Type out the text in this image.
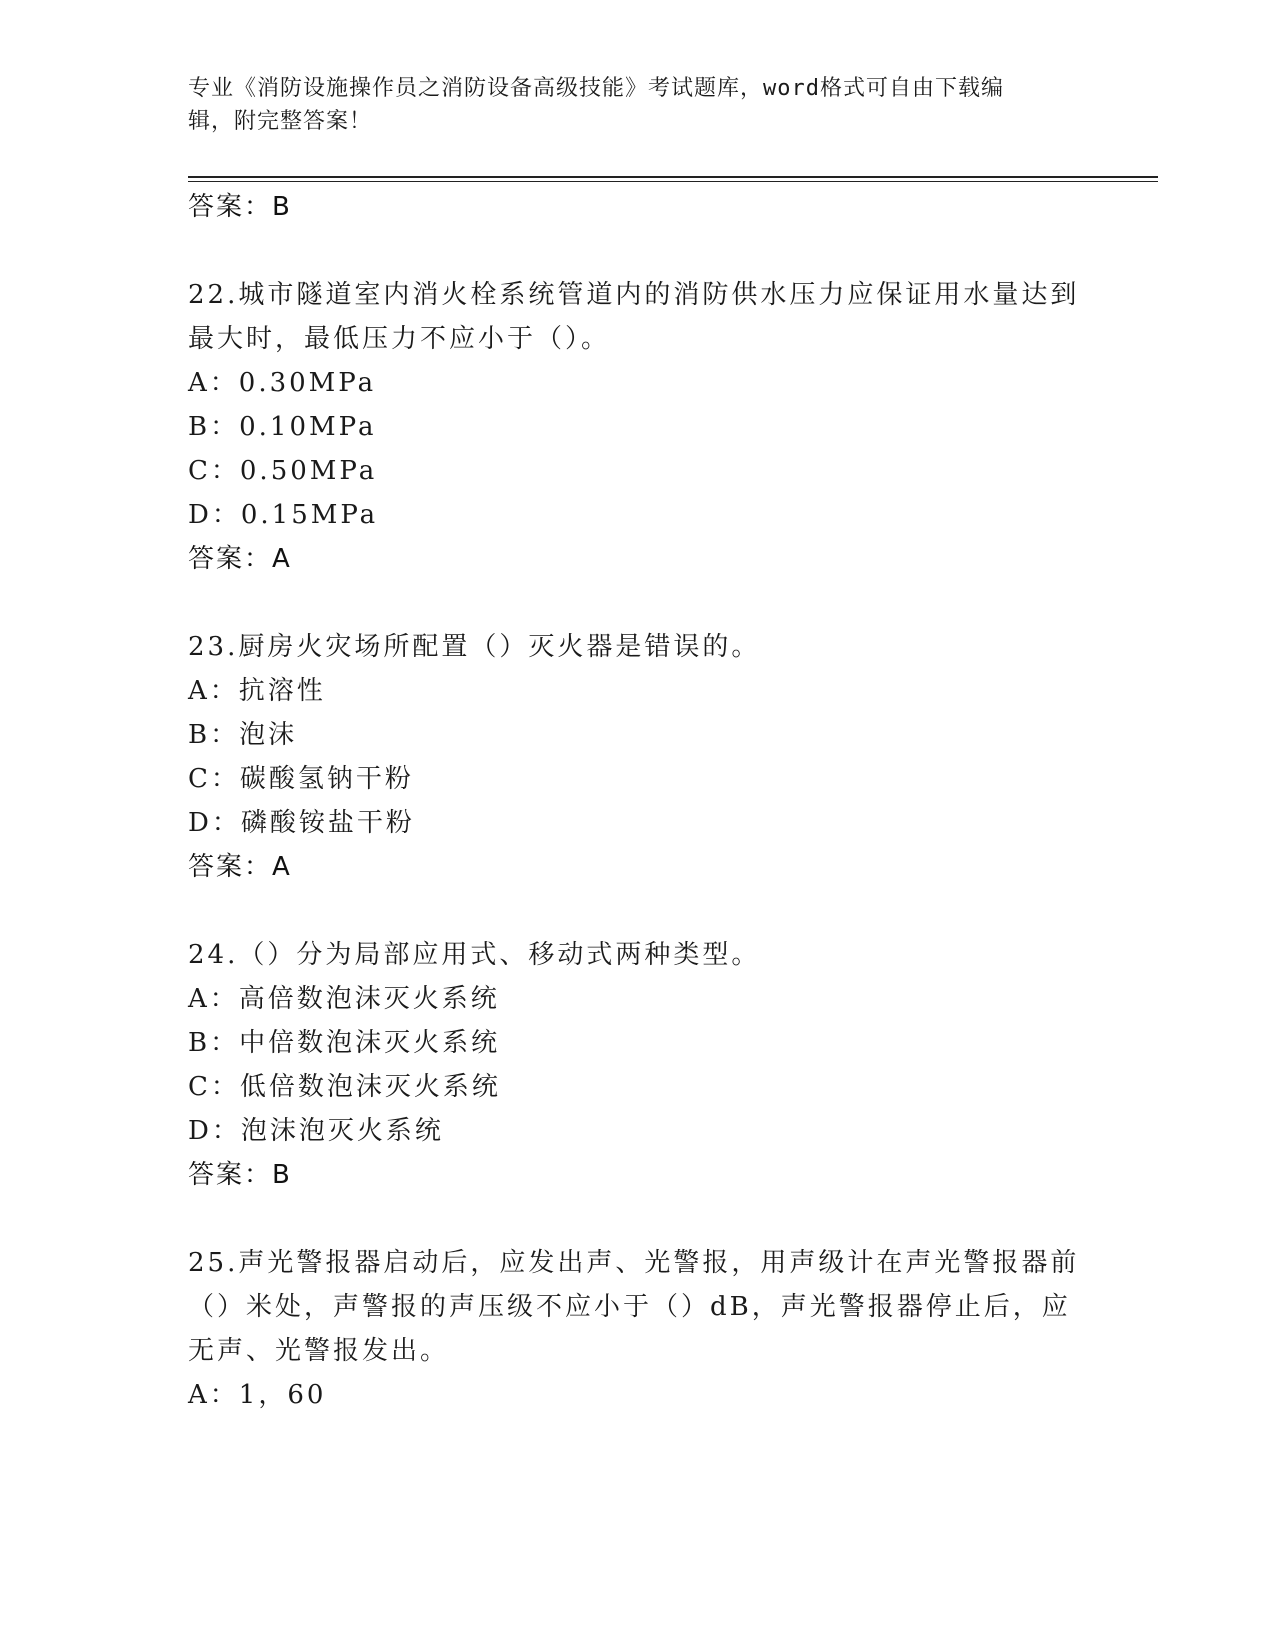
专业《消防设施操作员之消防设备高级技能》考试题库，word格式可自由下载编
辑，附完整答案！
答案：B
22.城市隧道室内消火栓系统管道内的消防供水压力应保证用水量达到
最大时，最低压力不应小于（）。
A：0.30MPa
B：0.10MPa
C：0.50MPa
D：0.15MPa
答案：A
23.厨房火灾场所配置（）灭火器是错误的。
A：抗溶性
B：泡沫
C：碳酸氢钠干粉
D：磷酸铵盐干粉
答案：A
24.（）分为局部应用式、移动式两种类型。
A：高倍数泡沫灭火系统
B：中倍数泡沫灭火系统
C：低倍数泡沫灭火系统
D：泡沫泡灭火系统
答案：B
25.声光警报器启动后，应发出声、光警报，用声级计在声光警报器前
（）米处，声警报的声压级不应小于（）dB，声光警报器停止后，应
无声、光警报发出。
A：1，60
